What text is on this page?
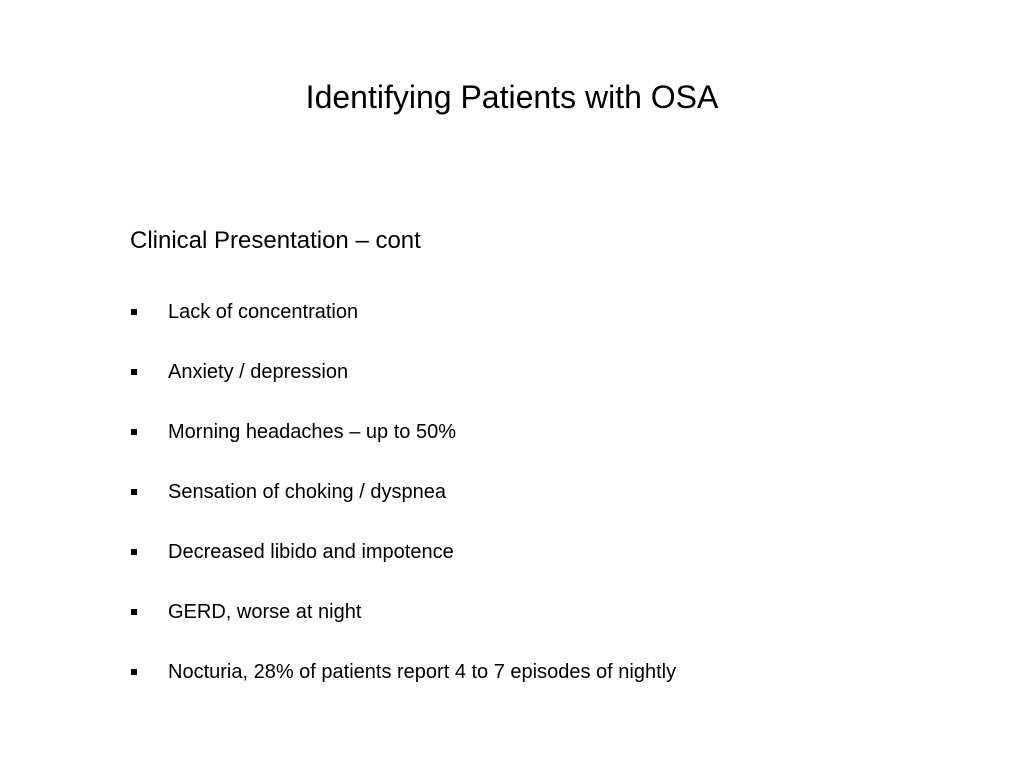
Identifying Patients with OSA
Clinical Presentation – cont
Lack of concentration
Anxiety / depression
Morning headaches – up to 50%
Sensation of choking / dyspnea
Decreased libido and impotence
GERD, worse at night
Nocturia, 28% of patients report 4 to 7 episodes of nightly
